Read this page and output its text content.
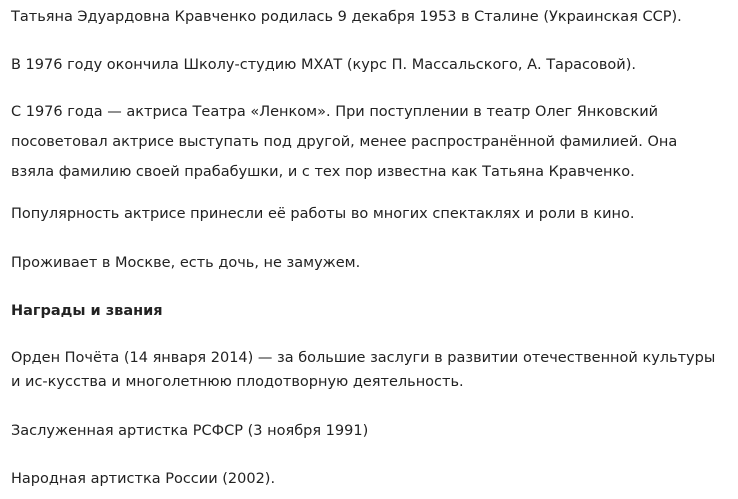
Татьяна Эдуардовна Кравченко родилась 9 декабря 1953 в Сталине (Украинская ССР).

В 1976 году окончила Школу-студию МХАТ (курс П. Массальского, А. Тарасовой).

С 1976 года — актриса Театра «Ленком». При поступлении в театр Олег Янковский посоветовал актрисе выступать под другой, менее распространённой фамилией. Она взяла фамилию своей прабабушки, и с тех пор известна как Татьяна Кравченко.

Популярность актрисе принесли её работы во многих спектаклях и роли в кино.

Проживает в Москве, есть дочь, не замужем.

Награды и звания

Орден Почёта (14 января 2014) — за большие заслуги в развитии отечественной культуры и ис-кусства и многолетнюю плодотворную деятельность.

Заслуженная артистка РСФСР (3 ноября 1991)

Народная артистка России (2002).
